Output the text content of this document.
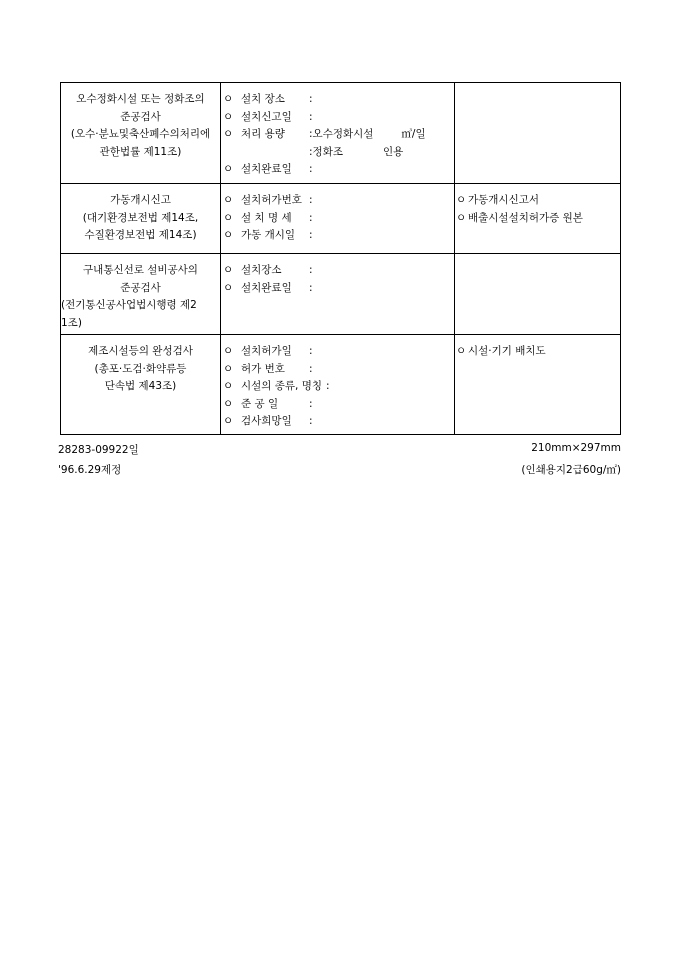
오수정화시설 또는 정화조의
준공검사
(오수·분뇨및축산폐수의처리에
관한법률 제11조)	ㅇ 설치 장소 :
ㅇ 설치신고일 :
ㅇ 처리 용량 :오수정화시설 ㎥/일
:정화조 인용
ㅇ 설치완료일 :	

가동개시신고
(대기환경보전법 제14조,
수질환경보전법 제14조)	ㅇ 설치허가번호 :
ㅇ 설 치 명 세 :
ㅇ 가동 개시일 :	ㅇ 가동개시신고서
ㅇ 배출시설설치허가증 원본

구내통신선로 설비공사의
준공검사
(전기통신공사업법시행령 제2
1조)	ㅇ 설치장소 :
ㅇ 설치완료일 :	

제조시설등의 완성검사
(총포·도검·화약류등
단속법 제43조)	ㅇ 설치허가일 :
ㅇ 허가 번호 :
ㅇ 시설의 종류, 명칭 :
ㅇ 준 공 일 :
ㅇ 검사희망일 :	ㅇ 시설·기기 배치도
28283-09922일
'96.6.29제정
210mm×297mm
(인쇄용지2급60g/㎡)
